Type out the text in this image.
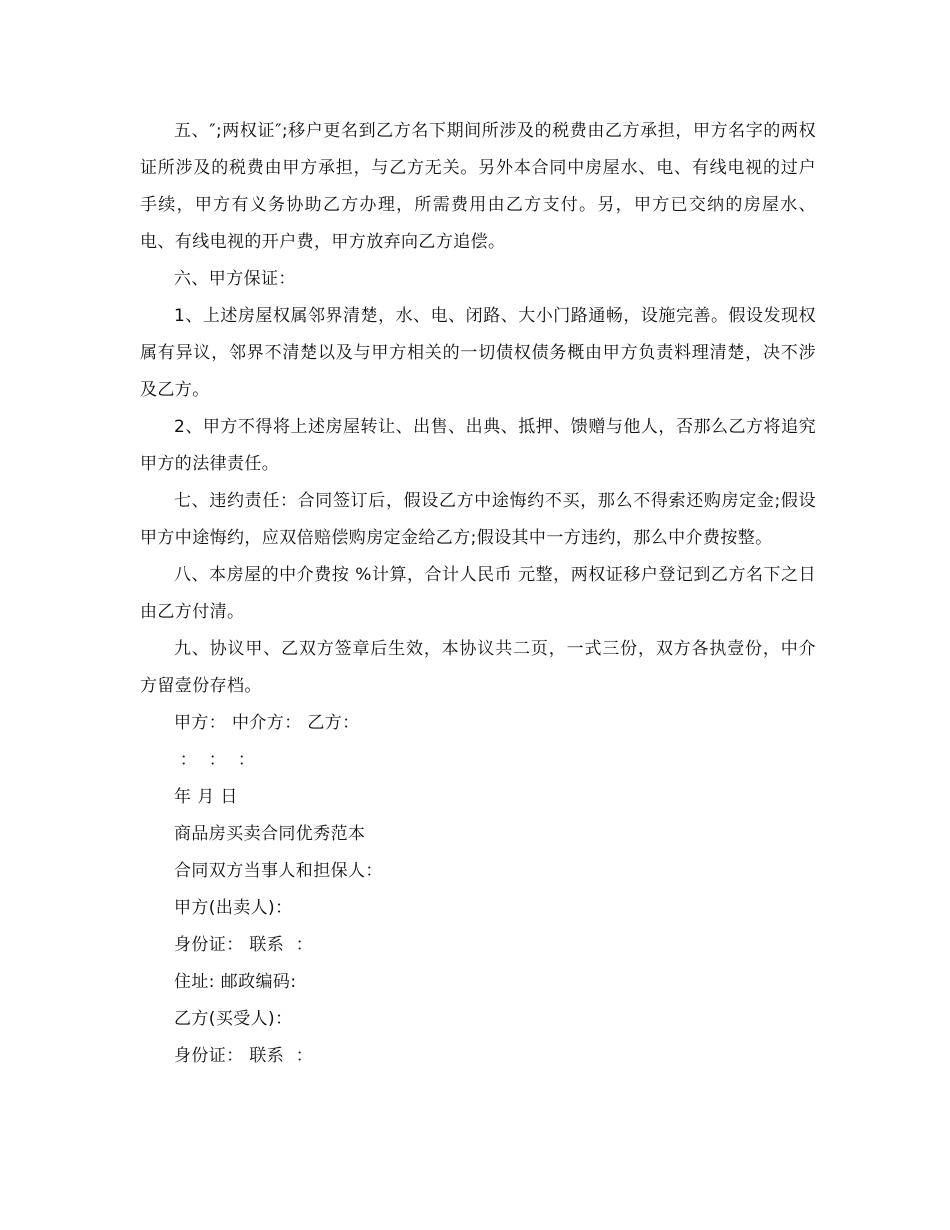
五、″;两权证″;移户更名到乙方名下期间所涉及的税费由乙方承担，甲方名字的两权证所涉及的税费由甲方承担，与乙方无关。另外本合同中房屋水、电、有线电视的过户手续，甲方有义务协助乙方办理，所需费用由乙方支付。另，甲方已交纳的房屋水、电、有线电视的开户费，甲方放弃向乙方追偿。

六、甲方保证：

1、上述房屋权属邻界清楚，水、电、闭路、大小门路通畅，设施完善。假设发现权属有异议，邻界不清楚以及与甲方相关的一切债权债务概由甲方负责料理清楚，决不涉及乙方。

2、甲方不得将上述房屋转让、出售、出典、抵押、馈赠与他人，否那么乙方将追究甲方的法律责任。

七、违约责任：合同签订后，假设乙方中途悔约不买，那么不得索还购房定金;假设甲方中途悔约，应双倍赔偿购房定金给乙方;假设其中一方违约，那么中介费按整。

八、本房屋的中介费按 %计算，合计人民币 元整，两权证移户登记到乙方名下之日由乙方付清。

九、协议甲、乙双方签章后生效，本协议共二页，一式三份，双方各执壹份，中介方留壹份存档。

甲方： 中介方： 乙方：

：  ：  ：

年 月 日

商品房买卖合同优秀范本

合同双方当事人和担保人：

甲方(出卖人)：

身份证： 联系  ：

住址: 邮政编码:

乙方(买受人)：

身份证： 联系  ：
